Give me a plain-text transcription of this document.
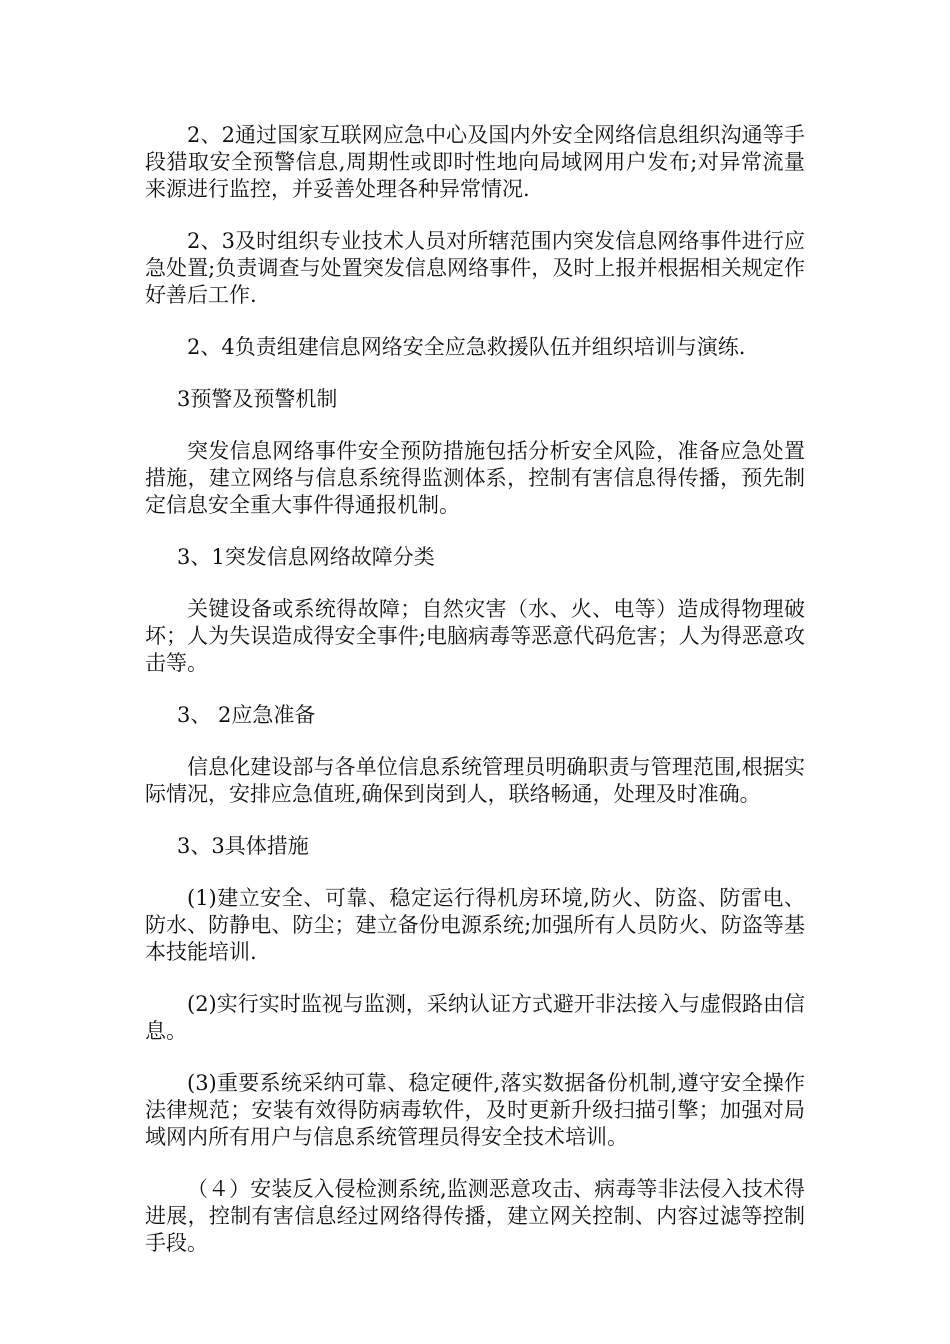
2、2通过国家互联网应急中心及国内外安全网络信息组织沟通等手段猎取安全预警信息,周期性或即时性地向局域网用户发布;对异常流量来源进行监控，并妥善处理各种异常情况.

2、3及时组织专业技术人员对所辖范围内突发信息网络事件进行应急处置;负责调查与处置突发信息网络事件，及时上报并根据相关规定作好善后工作.

2、4负责组建信息网络安全应急救援队伍并组织培训与演练.

3预警及预警机制

突发信息网络事件安全预防措施包括分析安全风险，准备应急处置措施，建立网络与信息系统得监测体系，控制有害信息得传播，预先制定信息安全重大事件得通报机制。

3、1突发信息网络故障分类

关键设备或系统得故障；自然灾害（水、火、电等）造成得物理破坏；人为失误造成得安全事件;电脑病毒等恶意代码危害；人为得恶意攻击等。

3、 2应急准备

信息化建设部与各单位信息系统管理员明确职责与管理范围,根据实际情况，安排应急值班,确保到岗到人，联络畅通，处理及时准确。

3、3具体措施

(1)建立安全、可靠、稳定运行得机房环境,防火、防盗、防雷电、防水、防静电、防尘；建立备份电源系统;加强所有人员防火、防盗等基本技能培训.

(2)实行实时监视与监测，采纳认证方式避开非法接入与虚假路由信息。

(3)重要系统采纳可靠、稳定硬件,落实数据备份机制,遵守安全操作法律规范；安装有效得防病毒软件，及时更新升级扫描引擎；加强对局域网内所有用户与信息系统管理员得安全技术培训。

（４）安装反入侵检测系统,监测恶意攻击、病毒等非法侵入技术得进展，控制有害信息经过网络得传播，建立网关控制、内容过滤等控制手段。
